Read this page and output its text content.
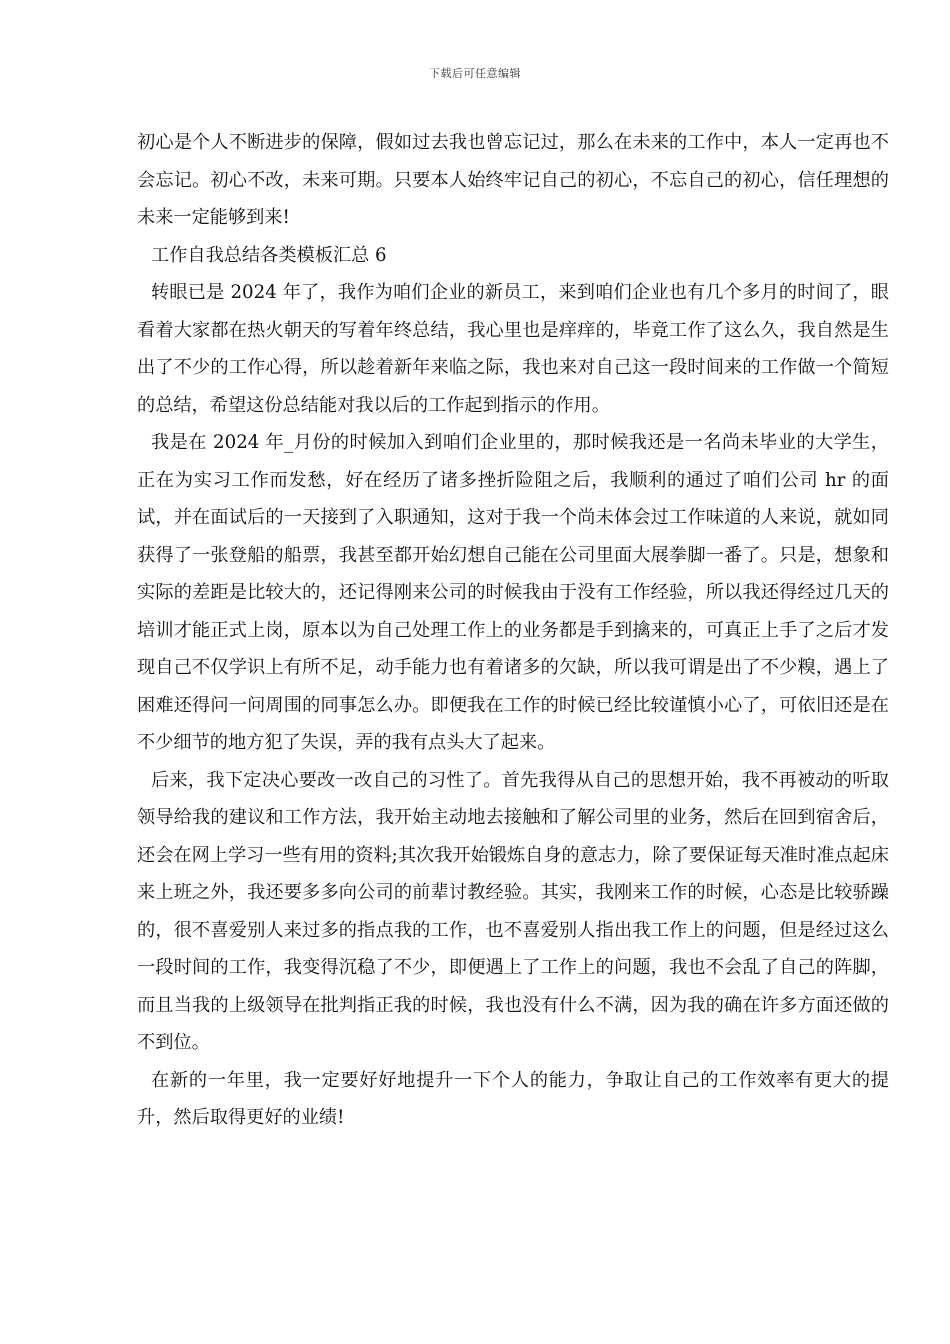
下载后可任意编辑

初心是个人不断进步的保障，假如过去我也曾忘记过，那么在未来的工作中，本人一定再也不会忘记。初心不改，未来可期。只要本人始终牢记自己的初心，不忘自己的初心，信任理想的未来一定能够到来!

工作自我总结各类模板汇总 6

转眼已是 2024 年了，我作为咱们企业的新员工，来到咱们企业也有几个多月的时间了，眼看着大家都在热火朝天的写着年终总结，我心里也是痒痒的，毕竟工作了这么久，我自然是生出了不少的工作心得，所以趁着新年来临之际，我也来对自己这一段时间来的工作做一个简短的总结，希望这份总结能对我以后的工作起到指示的作用。

我是在 2024 年_月份的时候加入到咱们企业里的，那时候我还是一名尚未毕业的大学生，正在为实习工作而发愁，好在经历了诸多挫折险阻之后，我顺利的通过了咱们公司 hr 的面试，并在面试后的一天接到了入职通知，这对于我一个尚未体会过工作味道的人来说，就如同获得了一张登船的船票，我甚至都开始幻想自己能在公司里面大展拳脚一番了。只是，想象和实际的差距是比较大的，还记得刚来公司的时候我由于没有工作经验，所以我还得经过几天的培训才能正式上岗，原本以为自己处理工作上的业务都是手到擒来的，可真正上手了之后才发现自己不仅学识上有所不足，动手能力也有着诸多的欠缺，所以我可谓是出了不少糗，遇上了困难还得问一问周围的同事怎么办。即便我在工作的时候已经比较谨慎小心了，可依旧还是在不少细节的地方犯了失误，弄的我有点头大了起来。

后来，我下定决心要改一改自己的习性了。首先我得从自己的思想开始，我不再被动的听取领导给我的建议和工作方法，我开始主动地去接触和了解公司里的业务，然后在回到宿舍后，还会在网上学习一些有用的资料;其次我开始锻炼自身的意志力，除了要保证每天准时准点起床来上班之外，我还要多多向公司的前辈讨教经验。其实，我刚来工作的时候，心态是比较骄躁的，很不喜爱别人来过多的指点我的工作，也不喜爱别人指出我工作上的问题，但是经过这么一段时间的工作，我变得沉稳了不少，即便遇上了工作上的问题，我也不会乱了自己的阵脚，而且当我的上级领导在批判指正我的时候，我也没有什么不满，因为我的确在许多方面还做的不到位。

在新的一年里，我一定要好好地提升一下个人的能力，争取让自己的工作效率有更大的提升，然后取得更好的业绩!
